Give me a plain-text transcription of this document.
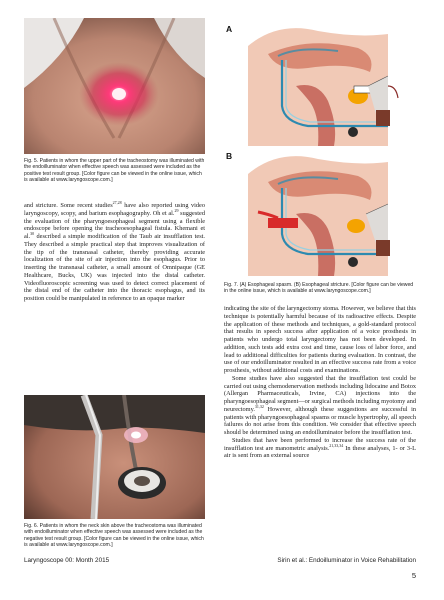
Fig. 5. Patients in whom the upper part of the tracheostomy was illuminated with the endoilluminator when effective speech was assessed were included as the positive test result group. [Color figure can be viewed in the online issue, which is available at www.laryngoscope.com.]
and stricture. Some recent studies$^{27,28}$ have also reported using video laryngoscopy, scopy, and barium esophagography. Oh et al.$^{29}$ suggested the evaluation of the pharyngoesophageal segment using a flexible endoscope before opening the tracheoesophageal fistula. Khemani et al.$^{30}$ described a simple modification of the Taub air insufflation test. They described a simple practical step that improves visualization of the tip of the transnasal catheter, thereby providing accurate localization of the site of air injection into the esophagus. Prior to inserting the transnasal catheter, a small amount of Omnipaque (GE Healthcare, Bucks, UK) was injected into the distal catheter. Videofluoroscopic screening was used to detect correct placement of the distal end of the catheter into the thoracic esophagus, and its position could be manipulated in reference to an opaque marker
Fig. 6. Patients in whom the neck skin above the tracheostoma was illuminated with endoilluminator when effective speech was assessed were included as the negative test result group. [Color figure can be viewed in the online issue, which is available at www.laryngoscope.com.]
A
B
Fig. 7. (A) Esophageal spasm. (B) Esophageal stricture. [Color figure can be viewed in the online issue, which is available at www.laryngoscope.com.]

indicating the site of the laryngectomy stoma. However, we believe that this technique is potentially harmful because of its radioactive effects. Despite the application of these methods and techniques, a gold-standard protocol that results in speech success after application of a voice prosthesis in patients who undergo total laryngectomy has not been developed. In addition, such tests add extra cost and time, cause loss of labor force, and lead to additional difficulties for patients during evaluation. In contrast, the use of our endoilluminator resulted in an effective success rate from a voice prosthesis, without additional costs and examinations.

Some studies have also suggested that the insufflation test could be carried out using chemodenervation methods including lidocaine and Botox (Allergan Pharmaceuticals, Irvine, CA) injections into the pharyngoesophageal segment—or surgical methods including myotomy and neurectomy.$^{31,32}$ However, although these suggestions are successful in patients with pharyngoesophageal spasms or muscle hypertrophy, all speech failures do not arise from this condition. We consider that effective speech should be determined using an endoilluminator before the insufflation test.

Studies that have been performed to increase the success rate of the insufflation test are manometric analysis.$^{21,33,34}$ In these analyses, 1- or 3-L air is sent from an external source

Laryngoscope 00: Month 2015	Sirin et al.: Endoilluminator in Voice Rehabilitation
5
